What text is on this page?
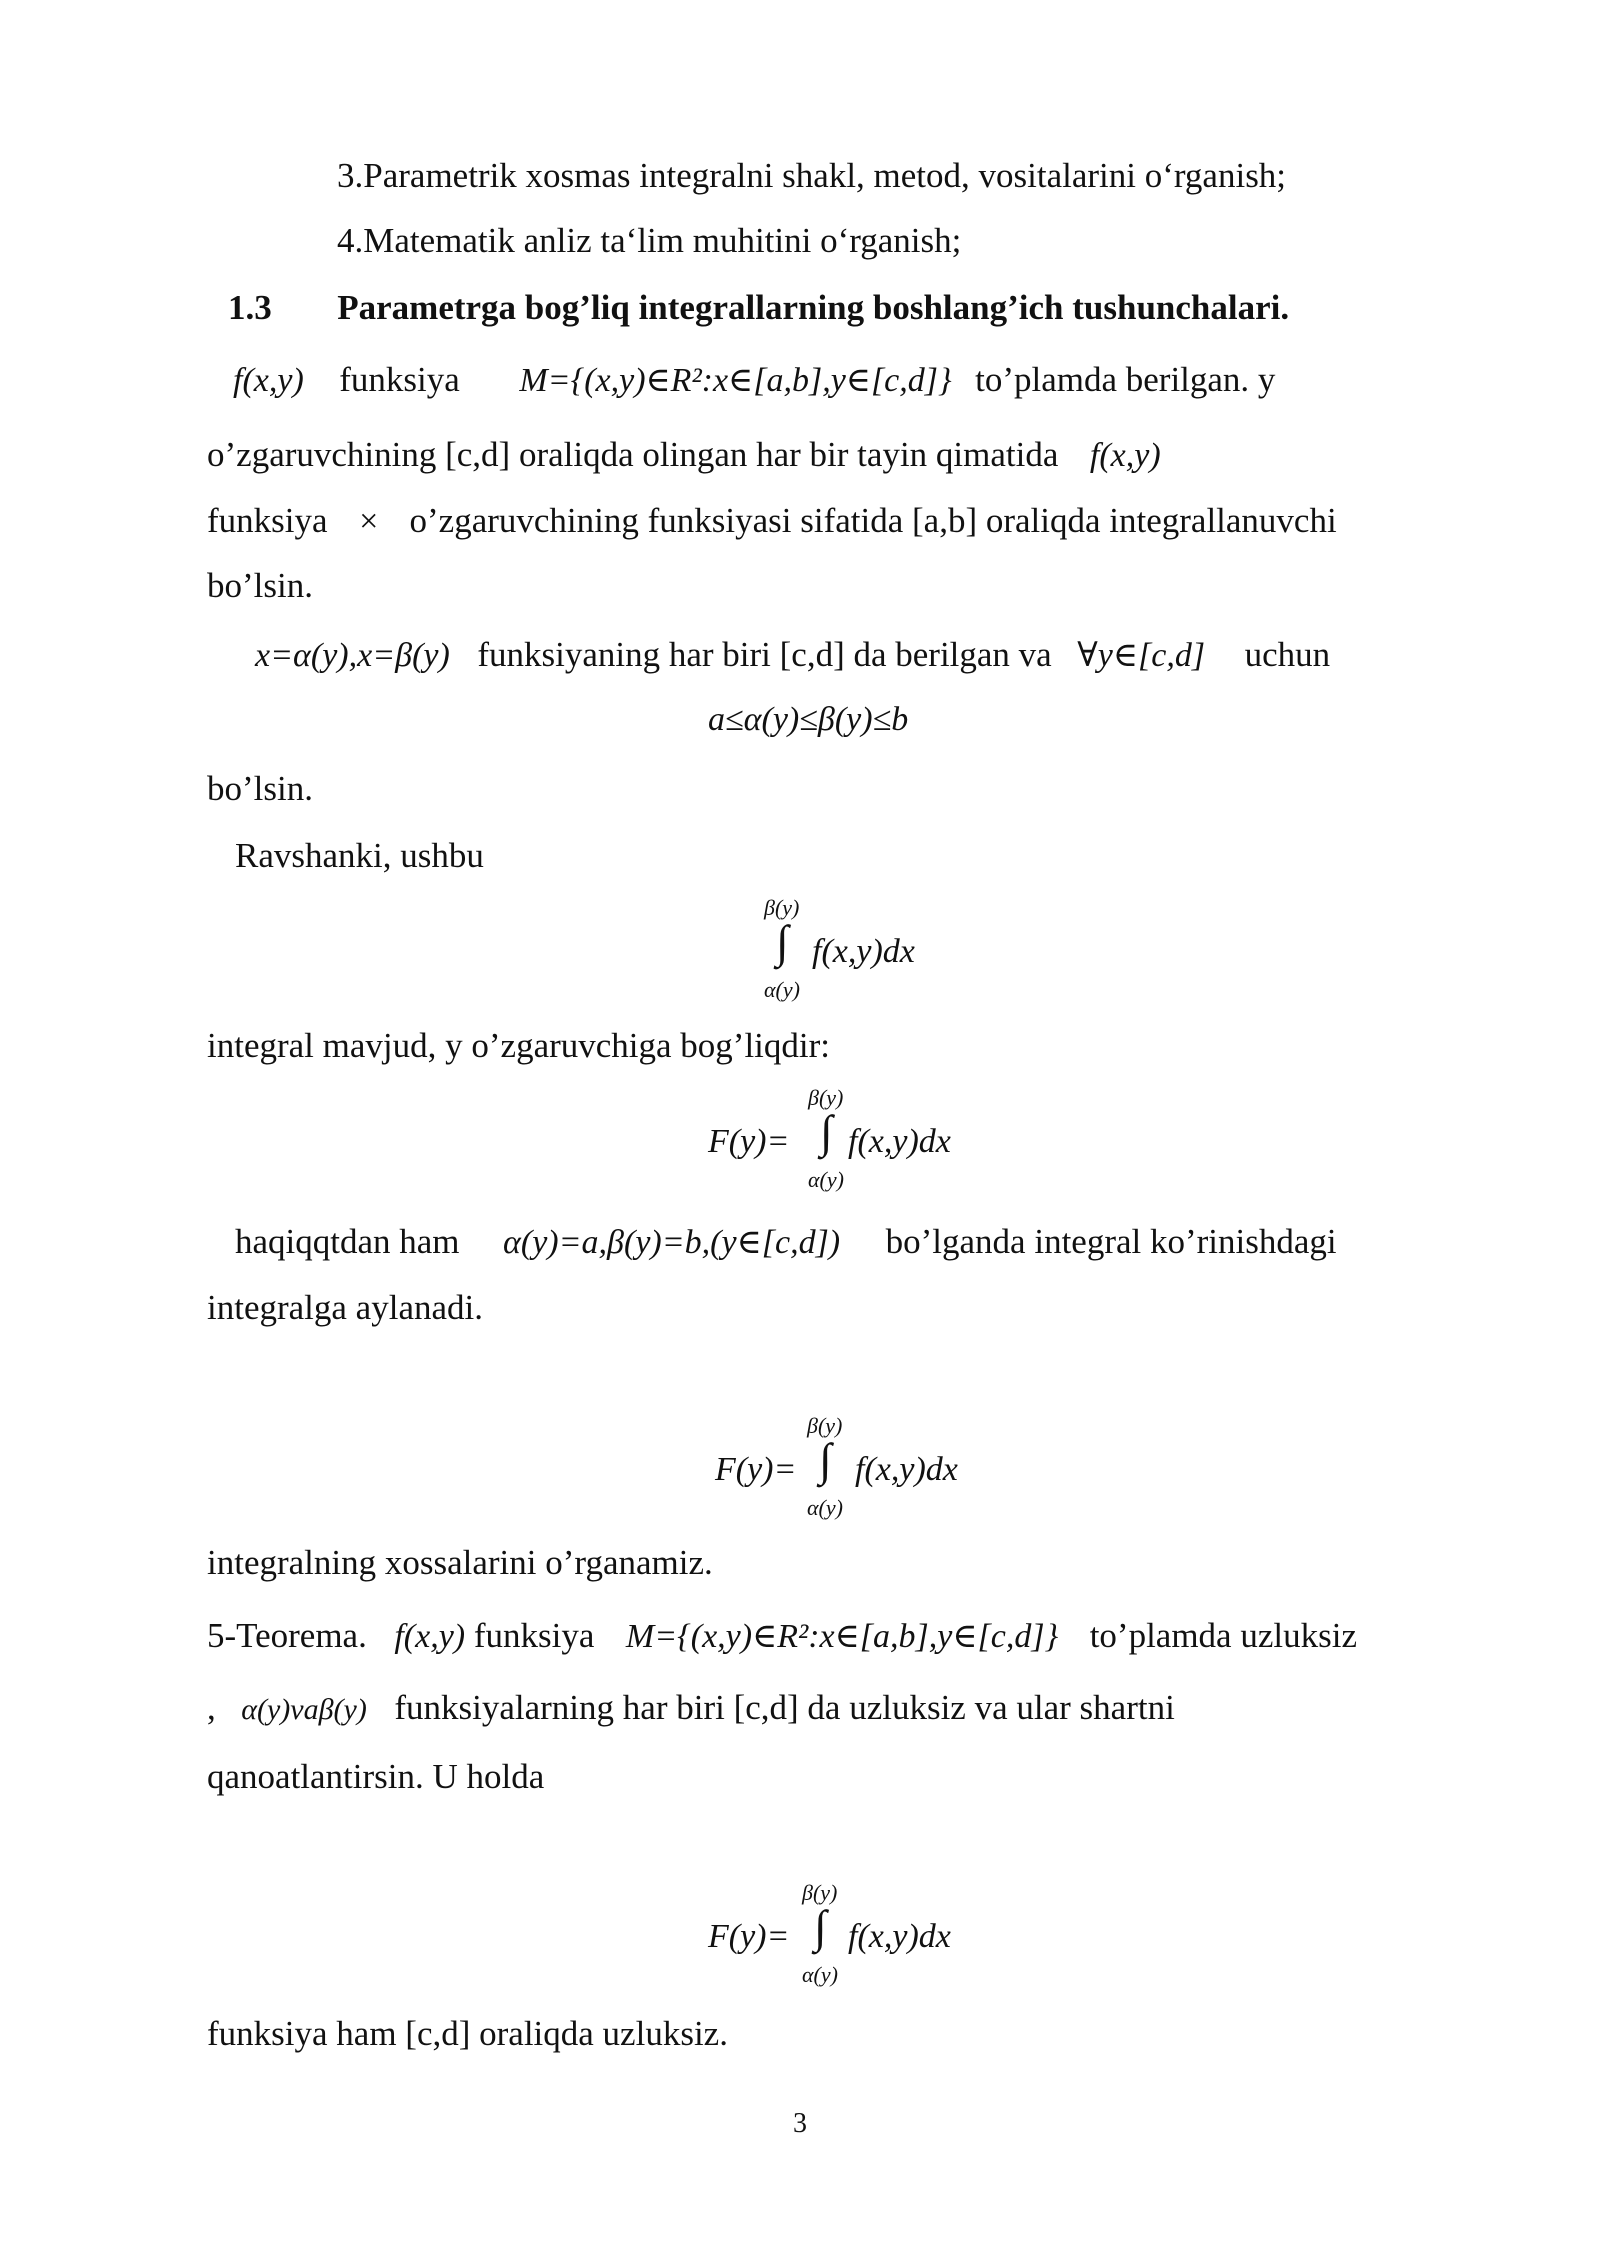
3.Parametrik xosmas integralni shakl, metod, vositalarini o‘rganish;
4.Matematik anliz ta‘lim muhitini o‘rganish;
1.3 Parametrga bog’liq integrallarning boshlang’ich tushunchalari.
f(x,y) funksiya M={(x,y)∈R²:x∈[a,b],y∈[c,d]} to’plamda berilgan. y
o’zgaruvchining [c,d] oraliqda olingan har bir tayin qimatida f(x,y)
funksiya × o’zgaruvchining funksiyasi sifatida [a,b] oraliqda integrallanuvchi
bo’lsin.
x=α(y),x=β(y) funksiyaning har biri [c,d] da berilgan va ∀y∈[c,d] uchun
a≤α(y)≤β(y)≤b
bo’lsin.
Ravshanki, ushbu
β(y)
∫
α(y)
f(x,y)dx
integral mavjud, y o’zgaruvchiga bog’liqdir:
F(y)=
β(y)
∫
α(y)
f(x,y)dx
haqiqqtdan ham α(y)=a,β(y)=b,(y∈[c,d]) bo’lganda integral ko’rinishdagi
integralga aylanadi.
F(y)=
β(y)
∫
α(y)
f(x,y)dx
integralning xossalarini o’rganamiz.
5-Teorema. f(x,y) funksiya M={(x,y)∈R²:x∈[a,b],y∈[c,d]} to’plamda uzluksiz
, α(y)vaβ(y) funksiyalarning har biri [c,d] da uzluksiz va ular shartni
qanoatlantirsin. U holda
F(y)=
β(y)
∫
α(y)
f(x,y)dx
funksiya ham [c,d] oraliqda uzluksiz.
3
